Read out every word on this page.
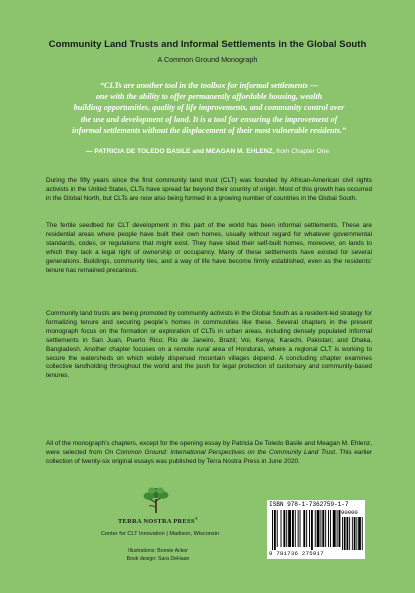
Community Land Trusts and Informal Settlements in the Global South
A Common Ground Monograph
“CLTs are another tool in the toolbox for informal settlements —
one with the ability to offer permanently affordable housing, wealth
building opportunities, quality of life improvements, and community control over
the use and development of land. It is a tool for ensuring the improvement of
informal settlements without the displacement of their most vulnerable residents.”
— PATRICIA DE TOLEDO BASILE and MEAGAN M. EHLENZ, from Chapter One
During the fifty years since the first community land trust (CLT) was founded by African-American civil rights activists in the United States, CLTs have spread far beyond their country of origin. Most of this growth has occurred in the Global North, but CLTs are now also being formed in a growing number of countries in the Global South.
The fertile seedbed for CLT development in this part of the world has been informal settlements. These are residential areas where people have built their own homes, usually without regard for whatever governmental standards, codes, or regulations that might exist. They have sited their self-built homes, moreover, on lands to which they lack a legal right of ownership or occupancy. Many of these settlements have existed for several generations. Buildings, community ties, and a way of life have become firmly established, even as the residents’ tenure has remained precarious.
Community land trusts are being promoted by community activists in the Global South as a resident-led strategy for formalizing tenure and securing people’s homes in communities like these. Several chapters in the present monograph focus on the formation or exploration of CLTs in urban areas, including densely populated informal settlements in San Juan, Puerto Rico; Rio de Janeiro, Brazil; Voi, Kenya; Karachi, Pakistan; and Dhaka, Bangladesh. Another chapter focuses on a remote rural area of Honduras, where a regional CLT is working to secure the watersheds on which widely dispersed mountain villages depend. A concluding chapter examines collective landholding throughout the world and the push for legal protection of customary and community-based tenures.
All of the monograph’s chapters, except for the opening essay by Patricia De Toledo Basile and Meagan M. Ehlenz, were selected from On Common Ground: International Perspectives on the Community Land Trust. This earlier collection of twenty-six original essays was published by Terra Nostra Press in June 2020.
TERRA NOSTRA PRESS®
Center for CLT Innovation | Madison, Wisconsin
Illustrations: Bonnie Acker
Book design: Sara DeHaan
ISBN 978-1-7362759-1-7
90000
9 781736 275917
